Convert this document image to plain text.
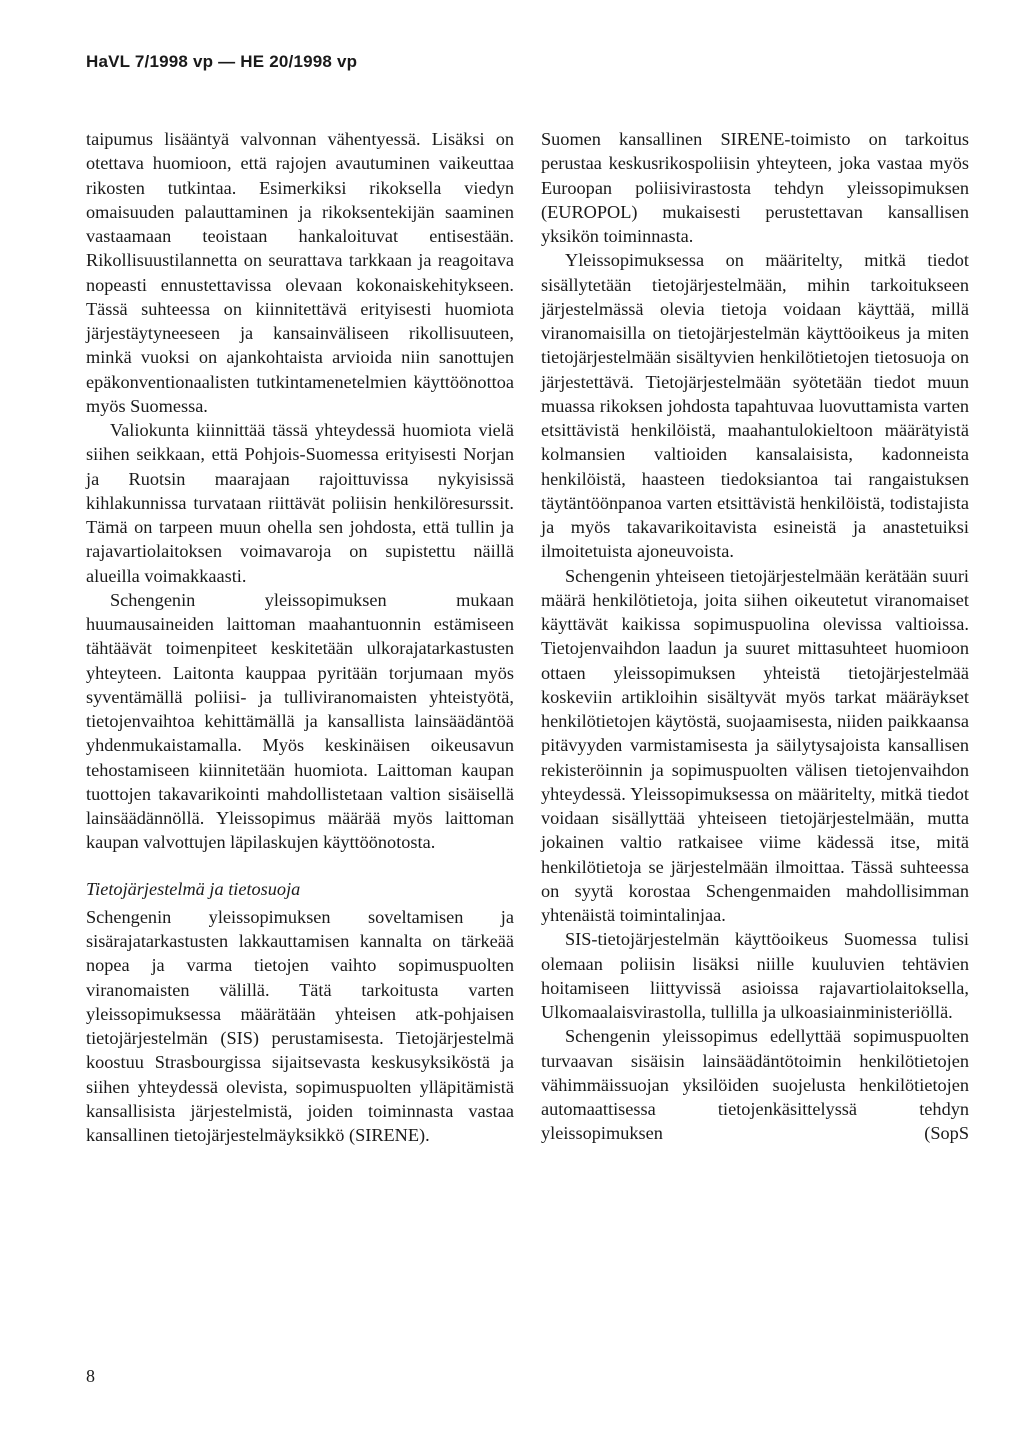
HaVL 7/1998 vp — HE 20/1998 vp

taipumus lisääntyä valvonnan vähentyessä. Lisäksi on otettava huomioon, että rajojen avautuminen vaikeuttaa rikosten tutkintaa. Esimerkiksi rikoksella viedyn omaisuuden palauttaminen ja rikoksentekijän saaminen vastaamaan teoistaan hankaloituvat entisestään. Rikollisuustilannetta on seurattava tarkkaan ja reagoitava nopeasti ennustettavissa olevaan kokonaiskehitykseen. Tässä suhteessa on kiinnitettävä erityisesti huomiota järjestäytyneeseen ja kansainväliseen rikollisuuteen, minkä vuoksi on ajankohtaista arvioida niin sanottujen epäkonventionaalisten tutkintamenetelmien käyttöönottoa myös Suomessa.

Valiokunta kiinnittää tässä yhteydessä huomiota vielä siihen seikkaan, että Pohjois-Suomessa erityisesti Norjan ja Ruotsin maarajaan rajoittuvissa nykyisissä kihlakunnissa turvataan riittävät poliisin henkilöresurssit. Tämä on tarpeen muun ohella sen johdosta, että tullin ja rajavartiolaitoksen voimavaroja on supistettu näillä alueilla voimakkaasti.

Schengenin yleissopimuksen mukaan huumausaineiden laittoman maahantuonnin estämiseen tähtäävät toimenpiteet keskitetään ulkorajatarkastusten yhteyteen. Laitonta kauppaa pyritään torjumaan myös syventämällä poliisi- ja tulliviranomaisten yhteistyötä, tietojenvaihtoa kehittämällä ja kansallista lainsäädäntöä yhdenmukaistamalla. Myös keskinäisen oikeusavun tehostamiseen kiinnitetään huomiota. Laittoman kaupan tuottojen takavarikointi mahdollistetaan valtion sisäisellä lainsäädännöllä. Yleissopimus määrää myös laittoman kaupan valvottujen läpilaskujen käyttöönotosta.

Tietojärjestelmä ja tietosuoja

Schengenin yleissopimuksen soveltamisen ja sisärajatarkastusten lakkauttamisen kannalta on tärkeää nopea ja varma tietojen vaihto sopimuspuolten viranomaisten välillä. Tätä tarkoitusta varten yleissopimuksessa määrätään yhteisen atk-pohjaisen tietojärjestelmän (SIS) perustamisesta. Tietojärjestelmä koostuu Strasbourgissa sijaitsevasta keskusyksiköstä ja siihen yhteydessä olevista, sopimuspuolten ylläpitämistä kansallisista järjestelmistä, joiden toiminnasta vastaa kansallinen tietojärjestelmäyksikkö (SIRENE).

Suomen kansallinen SIRENE-toimisto on tarkoitus perustaa keskusrikospoliisin yhteyteen, joka vastaa myös Euroopan poliisivirastosta tehdyn yleissopimuksen (EUROPOL) mukaisesti perustettavan kansallisen yksikön toiminnasta.

Yleissopimuksessa on määritelty, mitkä tiedot sisällytetään tietojärjestelmään, mihin tarkoitukseen järjestelmässä olevia tietoja voidaan käyttää, millä viranomaisilla on tietojärjestelmän käyttöoikeus ja miten tietojärjestelmään sisältyvien henkilötietojen tietosuoja on järjestettävä. Tietojärjestelmään syötetään tiedot muun muassa rikoksen johdosta tapahtuvaa luovuttamista varten etsittävistä henkilöistä, maahantulokieltoon määrätyistä kolmansien valtioiden kansalaisista, kadonneista henkilöistä, haasteen tiedoksiantoa tai rangaistuksen täytäntöönpanoa varten etsittävistä henkilöistä, todistajista ja myös takavarikoitavista esineistä ja anastetuiksi ilmoitetuista ajoneuvoista.

Schengenin yhteiseen tietojärjestelmään kerätään suuri määrä henkilötietoja, joita siihen oikeutetut viranomaiset käyttävät kaikissa sopimuspuolina olevissa valtioissa. Tietojenvaihdon laadun ja suuret mittasuhteet huomioon ottaen yleissopimuksen yhteistä tietojärjestelmää koskeviin artikloihin sisältyvät myös tarkat määräykset henkilötietojen käytöstä, suojaamisesta, niiden paikkaansa pitävyyden varmistamisesta ja säilytysajoista kansallisen rekisteröinnin ja sopimuspuolten välisen tietojenvaihdon yhteydessä. Yleissopimuksessa on määritelty, mitkä tiedot voidaan sisällyttää yhteiseen tietojärjestelmään, mutta jokainen valtio ratkaisee viime kädessä itse, mitä henkilötietoja se järjestelmään ilmoittaa. Tässä suhteessa on syytä korostaa Schengenmaiden mahdollisimman yhtenäistä toimintalinjaa.

SIS-tietojärjestelmän käyttöoikeus Suomessa tulisi olemaan poliisin lisäksi niille kuuluvien tehtävien hoitamiseen liittyvissä asioissa rajavartiolaitoksella, Ulkomaalaisvirastolla, tullilla ja ulkoasiainministeriöllä.

Schengenin yleissopimus edellyttää sopimuspuolten turvaavan sisäisin lainsäädäntötoimin henkilötietojen vähimmäissuojan yksilöiden suojelusta henkilötietojen automaattisessa tietojenkäsittelyssä tehdyn yleissopimuksen (SopS

8
